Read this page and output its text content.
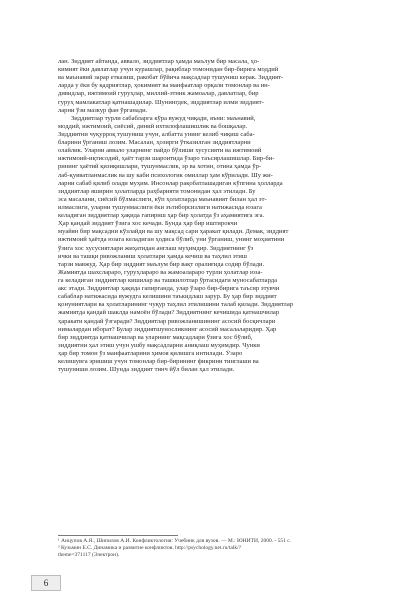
лан. Зиддият айтанда, аввало, зиддиятлар ҳамда маълум бир масала, ҳо-
кимият ёки давлатлар учун курашлар, рақиблар томонидан бир-бирига моддий
ва маънавий зарар етказиш, ракобат бўйича мақсадлар тушуниш керак. Зиддият-
ларда у ёки бу қадриятлар, ҳокимият ва манфаатлар орқали томонлар ва ин-
дивидлар, ижтимоий гуруҳлар, миллий-этник жамоалар, давлатлар, бир
гуруҳ мамлакатлар қатнашадилар. Шунингдек, зиддиятлар илми зиддият-
ларни ўзи мазкур фан ўрганади.
Зиддиятлар турли сабабларга кўра вужуд чиқади, яъни: маънавий,
моддий, ижтимоий, сиёсий, диний ихтилофлашишлик ва бошқалар.
Зиддиятни чуқурроқ тушуниш учун, албатта унинг келиб чиқиш саба-
бларини ўрганиш лозим. Масалан, ҳозирги ўтказилган зиддиятларни
олайлик. Уларни аввало уларнинг пайдо бўлиши хусусияти ва ижтимоий
ижтимоий-иқтисодий, ҳаёт тарзи шароитида ўзаро таъсирлашишлар. Бир-би-
рининг ҳаётий қизиқишлари, тушунмаслик, эр ва хотин, отина ҳамда ўр-
лаб-қувватланмаслик ва шу каби психологик омиллар ҳам кўрилади. Шу жи-
ларни сабаб қилиб олади муҳим. Инсонлар рақобатлашадиган кўпгина ҳолларда
зиддиятлар яширин ҳолатларда раҳбарияти томонидан ҳал этилади. Бу
эса масалани, сиёсий бўлмаслиги, кўп ҳолатларда маънавият билан ҳал эт-
илмаслиги, уларни тушунмаслиги ёки эътиборсизлиги натижасида юзага
келадиган зиддиятлар ҳақида гапириш ҳар бир ҳолатда ўз аҳамиятига эга.
Ҳар қандай зиддият ўзига хос кечади. Бунда ҳар бир иштирокчи
муайян бир мақсадни кўзлайди ва шу мақсад сари ҳаракат қилади. Демак, зиддият
ижтимоий ҳаётда юзага келадиган ҳодиса бўлиб, уни ўрганиш, унинг моҳиятини
ўзига хос хусусиятлари жиҳатидан англаш муҳимдир. Зиддиятнинг ўз
ички ва ташқи ривожланиш ҳолатлари ҳамда кечиш ва таҳлил этиш
тарзи мавжуд. Ҳар бир зиддият маълум бир вақт оралиғида содир бўлади.
Жамиятда шахслараро, гуруҳлараро ва жамоалараро турли ҳолатлар юза-
га келадиган зиддиятлар кишилар ва ташкилотлар ўртасидаги муносабатларда
акс этади. Зиддиятлар ҳақида гапирганда, улар ўзаро бир-бирига таъсир этувчи
сабаблар натижасида вужудга келишини таъкидлаш зарур. Бу ҳар бир зиддият
қонуниятлари ва ҳолатларининг чуқур таҳлил этилишини талаб қилади. Зиддиятлар
жамиятда қандай шаклда намоён бўлади? Зиддиятнинг кечишида қатнашчилар
ҳаракати қандай ўзгаради? Зиддиятлар ривожланишининг асосий босқичлари
нималардан иборат? Булар зиддиятшуносликнинг асосий масалаларидир. Ҳар
бир зиддиятда қатнашчилар ва уларнинг мақсадлари ўзига хос бўлиб,
зиддиятни ҳал этиш учун ушбу мақсадларни аниқлаш муҳимдир. Чунки
ҳар бир томон ўз манфаатларини ҳимоя қилишга интилади. Ўзаро
келишувга эришиш учун томонлар бир-бирининг фикрини тинглаши ва
тушуниши лозим. Шунда зиддият тинч йўл билан ҳал этилади.
¹ Анцупов А.Я., Шипилов А.И. Конфликтология: Учебник для вузов. — М.: ЮНИТИ, 2000. - 551 с.
² Кузьмин Е.С. Динамика и развитие конфликтов. http://psychology.net.ru/talk/?
theme=371117 (Электрон).
6
